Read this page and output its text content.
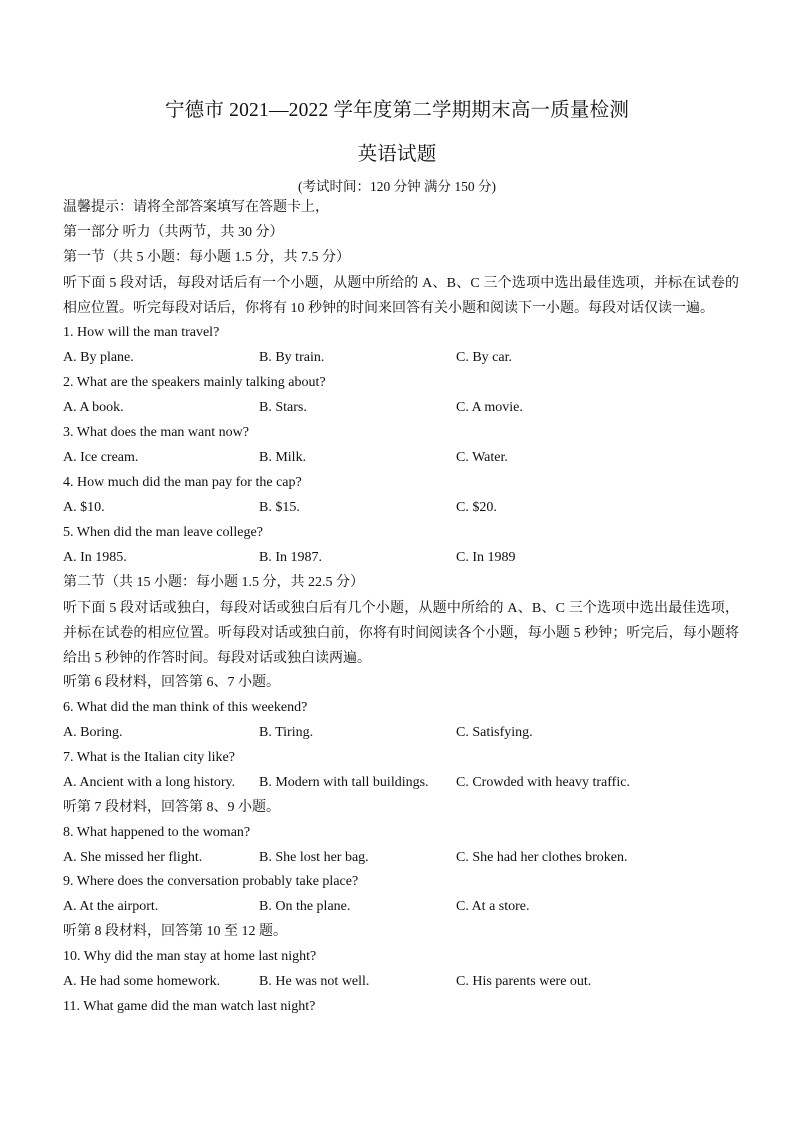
宁德市 2021—2022 学年度第二学期期末高一质量检测
英语试题
(考试时间：120 分钟 满分 150 分)
温馨提示：请将全部答案填写在答题卡上，
第一部分 听力（共两节，共 30 分）
第一节（共 5 小题：每小题 1.5 分，共 7.5 分）
听下面 5 段对话，每段对话后有一个小题，从题中所给的 A、B、C 三个选项中选出最佳选项，并标在试卷的相应位置。听完每段对话后，你将有 10 秒钟的时间来回答有关小题和阅读下一小题。每段对话仅读一遍。
1. How will the man travel?
A. By plane.	B. By train.	C. By car.
2. What are the speakers mainly talking about?
A. A book.	B. Stars.	C. A movie.
3. What does the man want now?
A. Ice cream.	B. Milk.	C. Water.
4. How much did the man pay for the cap?
A. $10.	B. $15.	C. $20.
5. When did the man leave college?
A. In 1985.	B. In 1987.	C. In 1989
第二节（共 15 小题：每小题 1.5 分，共 22.5 分）
听下面 5 段对话或独白，每段对话或独白后有几个小题，从题中所给的 A、B、C 三个选项中选出最佳选项，并标在试卷的相应位置。听每段对话或独白前，你将有时间阅读各个小题，每小题 5 秒钟；听完后，每小题将给出 5 秒钟的作答时间。每段对话或独白读两遍。
听第 6 段材料，回答第 6、7 小题。
6. What did the man think of this weekend?
A. Boring.	B. Tiring.	C. Satisfying.
7. What is the Italian city like?
A. Ancient with a long history. B. Modern with tall buildings. C. Crowded with heavy traffic.
听第 7 段材料，回答第 8、9 小题。
8. What happened to the woman?
A. She missed her flight.	B. She lost her bag.	C. She had her clothes broken.
9. Where does the conversation probably take place?
A. At the airport.	B. On the plane.	C. At a store.
听第 8 段材料，回答第 10 至 12 题。
10. Why did the man stay at home last night?
A. He had some homework.	B. He was not well.	C. His parents were out.
11. What game did the man watch last night?
